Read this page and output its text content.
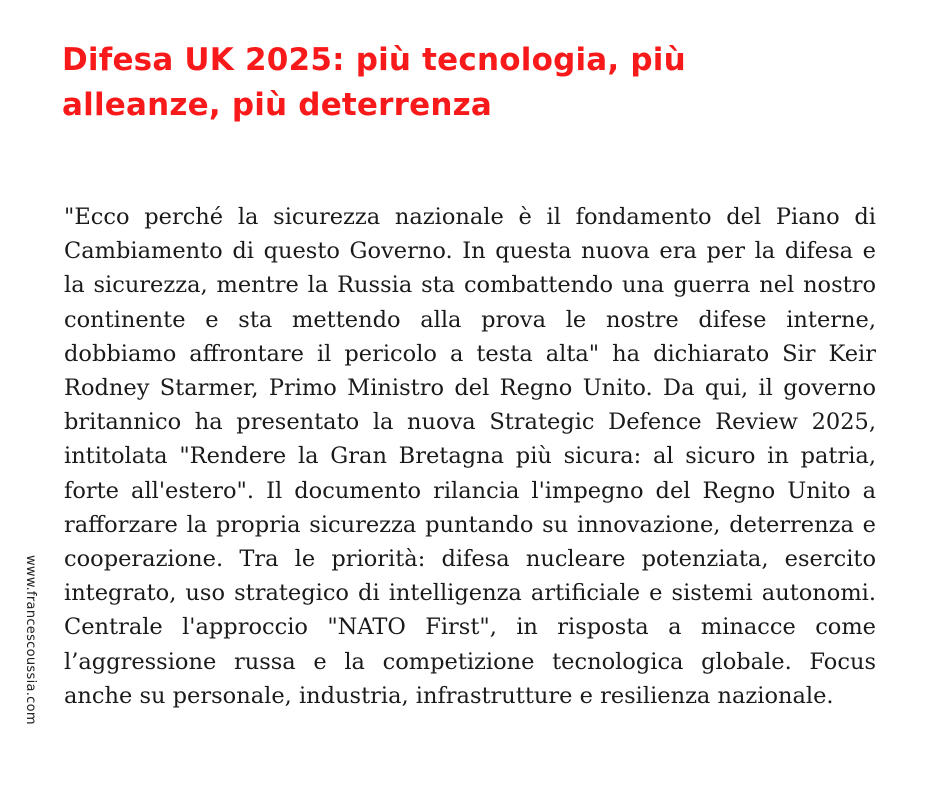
Difesa UK 2025: più tecnologia, più alleanze, più deterrenza

"Ecco perché la sicurezza nazionale è il fondamento del Piano di Cambiamento di questo Governo. In questa nuova era per la difesa e la sicurezza, mentre la Russia sta combattendo una guerra nel nostro continente e sta mettendo alla prova le nostre difese interne, dobbiamo affrontare il pericolo a testa alta" ha dichiarato Sir Keir Rodney Starmer, Primo Ministro del Regno Unito. Da qui, il governo britannico ha presentato la nuova Strategic Defence Review 2025, intitolata "Rendere la Gran Bretagna più sicura: al sicuro in patria, forte all'estero". Il documento rilancia l'impegno del Regno Unito a rafforzare la propria sicurezza puntando su innovazione, deterrenza e cooperazione. Tra le priorità: difesa nucleare potenziata, esercito integrato, uso strategico di intelligenza artificiale e sistemi autonomi. Centrale l'approccio "NATO First", in risposta a minacce come l’aggressione russa e la competizione tecnologica globale. Focus anche su personale, industria, infrastrutture e resilienza nazionale.

www.francescoussia.com
